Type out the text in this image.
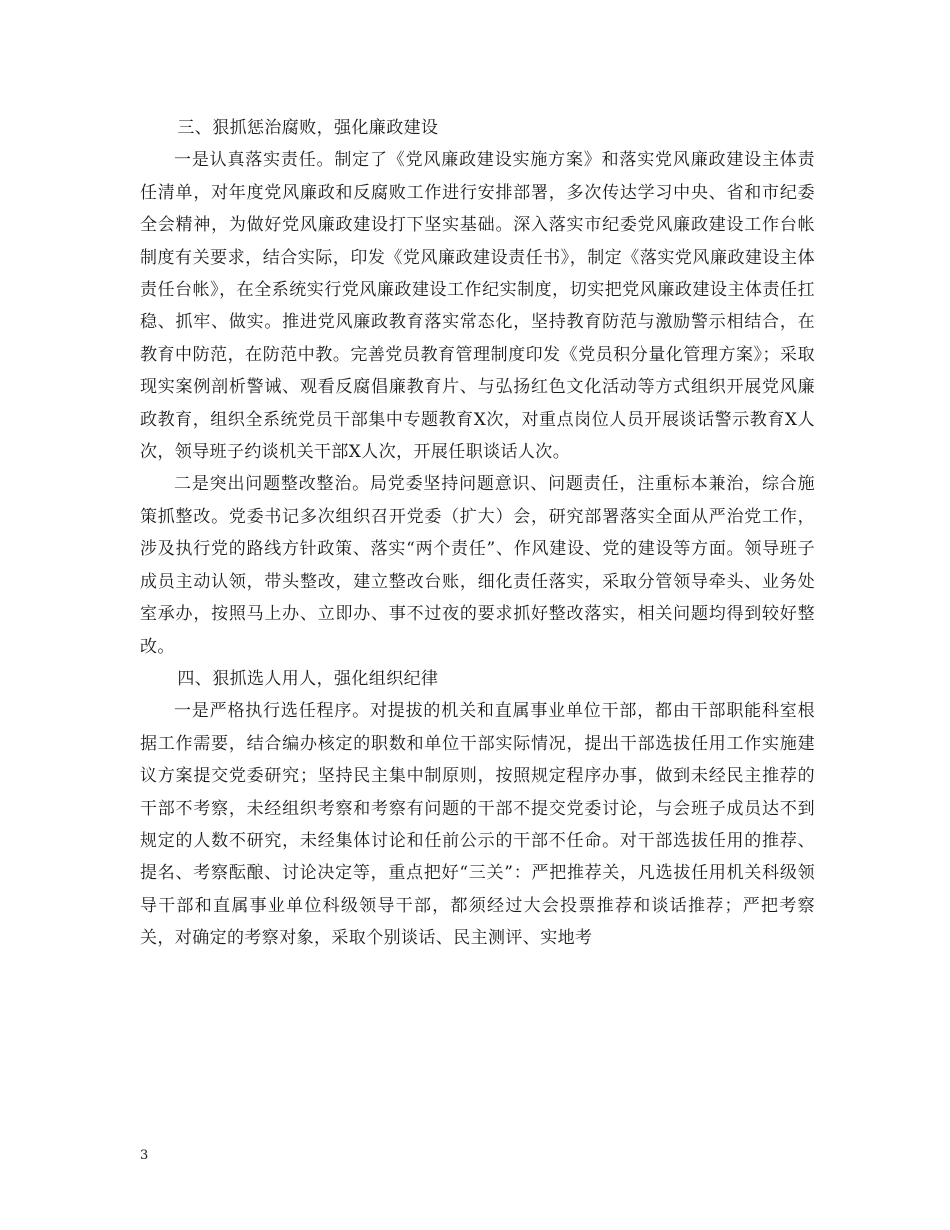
三、狠抓惩治腐败，强化廉政建设

一是认真落实责任。制定了《党风廉政建设实施方案》和落实党风廉政建设主体责任清单，对年度党风廉政和反腐败工作进行安排部署，多次传达学习中央、省和市纪委全会精神，为做好党风廉政建设打下坚实基础。深入落实市纪委党风廉政建设工作台帐制度有关要求，结合实际，印发《党风廉政建设责任书》，制定《落实党风廉政建设主体责任台帐》，在全系统实行党风廉政建设工作纪实制度，切实把党风廉政建设主体责任扛稳、抓牢、做实。推进党风廉政教育落实常态化，坚持教育防范与激励警示相结合，在教育中防范，在防范中教。完善党员教育管理制度印发《党员积分量化管理方案》；采取现实案例剖析警诫、观看反腐倡廉教育片、与弘扬红色文化活动等方式组织开展党风廉政教育，组织全系统党员干部集中专题教育X次，对重点岗位人员开展谈话警示教育X人次，领导班子约谈机关干部X人次，开展任职谈话人次。

二是突出问题整改整治。局党委坚持问题意识、问题责任，注重标本兼治，综合施策抓整改。党委书记多次组织召开党委（扩大）会，研究部署落实全面从严治党工作，涉及执行党的路线方针政策、落实“两个责任”、作风建设、党的建设等方面。领导班子成员主动认领，带头整改，建立整改台账，细化责任落实，采取分管领导牵头、业务处室承办，按照马上办、立即办、事不过夜的要求抓好整改落实，相关问题均得到较好整改。

四、狠抓选人用人，强化组织纪律

一是严格执行选任程序。对提拔的机关和直属事业单位干部，都由干部职能科室根据工作需要，结合编办核定的职数和单位干部实际情况，提出干部选拔任用工作实施建议方案提交党委研究；坚持民主集中制原则，按照规定程序办事，做到未经民主推荐的干部不考察，未经组织考察和考察有问题的干部不提交党委讨论，与会班子成员达不到规定的人数不研究，未经集体讨论和任前公示的干部不任命。对干部选拔任用的推荐、提名、考察酝酿、讨论决定等，重点把好“三关”：严把推荐关，凡选拔任用机关科级领导干部和直属事业单位科级领导干部，都须经过大会投票推荐和谈话推荐；严把考察关，对确定的考察对象，采取个别谈话、民主测评、实地考

3
